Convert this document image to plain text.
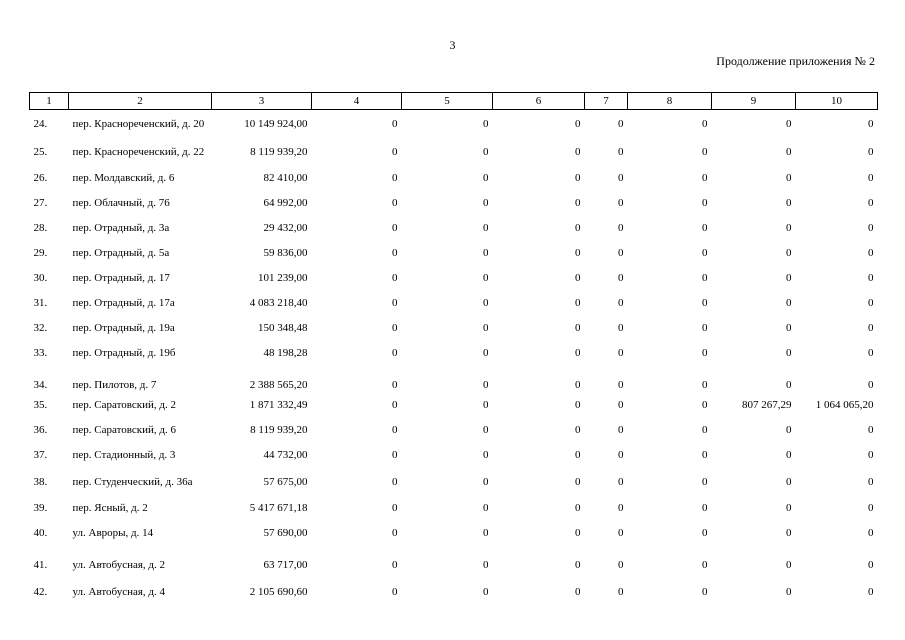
3
Продолжение приложения № 2
1	2	3	4	5	6	7	8	9	10
24.	пер. Краснореченский, д. 20	10 149 924,00	0	0	0	0	0	0	0
25.	пер. Краснореченский, д. 22	8 119 939,20	0	0	0	0	0	0	0
26.	пер. Молдавский, д. 6	82 410,00	0	0	0	0	0	0	0
27.	пер. Облачный, д. 76	64 992,00	0	0	0	0	0	0	0
28.	пер. Отрадный, д. 3а	29 432,00	0	0	0	0	0	0	0
29.	пер. Отрадный, д. 5а	59 836,00	0	0	0	0	0	0	0
30.	пер. Отрадный, д. 17	101 239,00	0	0	0	0	0	0	0
31.	пер. Отрадный, д. 17а	4 083 218,40	0	0	0	0	0	0	0
32.	пер. Отрадный, д. 19а	150 348,48	0	0	0	0	0	0	0
33.	пер. Отрадный, д. 19б	48 198,28	0	0	0	0	0	0	0
34.	пер. Пилотов, д. 7	2 388 565,20	0	0	0	0	0	0	0
35.	пер. Саратовский, д. 2	1 871 332,49	0	0	0	0	0	807 267,29	1 064 065,20
36.	пер. Саратовский, д. 6	8 119 939,20	0	0	0	0	0	0	0
37.	пер. Стадионный, д. 3	44 732,00	0	0	0	0	0	0	0
38.	пер. Студенческий, д. 36а	57 675,00	0	0	0	0	0	0	0
39.	пер. Ясный, д. 2	5 417 671,18	0	0	0	0	0	0	0
40.	ул. Авроры, д. 14	57 690,00	0	0	0	0	0	0	0
41.	ул. Автобусная, д. 2	63 717,00	0	0	0	0	0	0	0
42.	ул. Автобусная, д. 4	2 105 690,60	0	0	0	0	0	0	0
